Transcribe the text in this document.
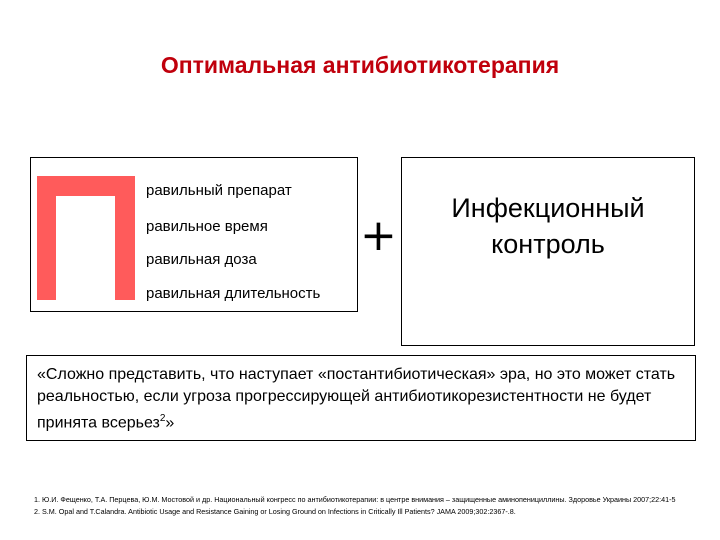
Оптимальная антибиотикотерапия
равильный препарат
равильное время
равильная доза
равильная длительность
+
Инфекционный контроль
«Сложно представить, что наступает «постантибиотическая» эра, но это может стать реальностью, если угроза прогрессирующей антибиотикорезистентности не будет принята всерьез$^2$»
1. Ю.И. Фещенко, Т.А. Перцева, Ю.М. Мостовой и др. Национальный конгресс по антибиотикотерапии: в центре внимания – защищенные аминопенициллины. Здоровье Украины 2007;22:41-5
2. S.M. Opal and T.Calandra. Antibiotic Usage and Resistance Gaining or Losing Ground on Infections in Critically Ill Patients? JAMA 2009;302:2367-.8.
